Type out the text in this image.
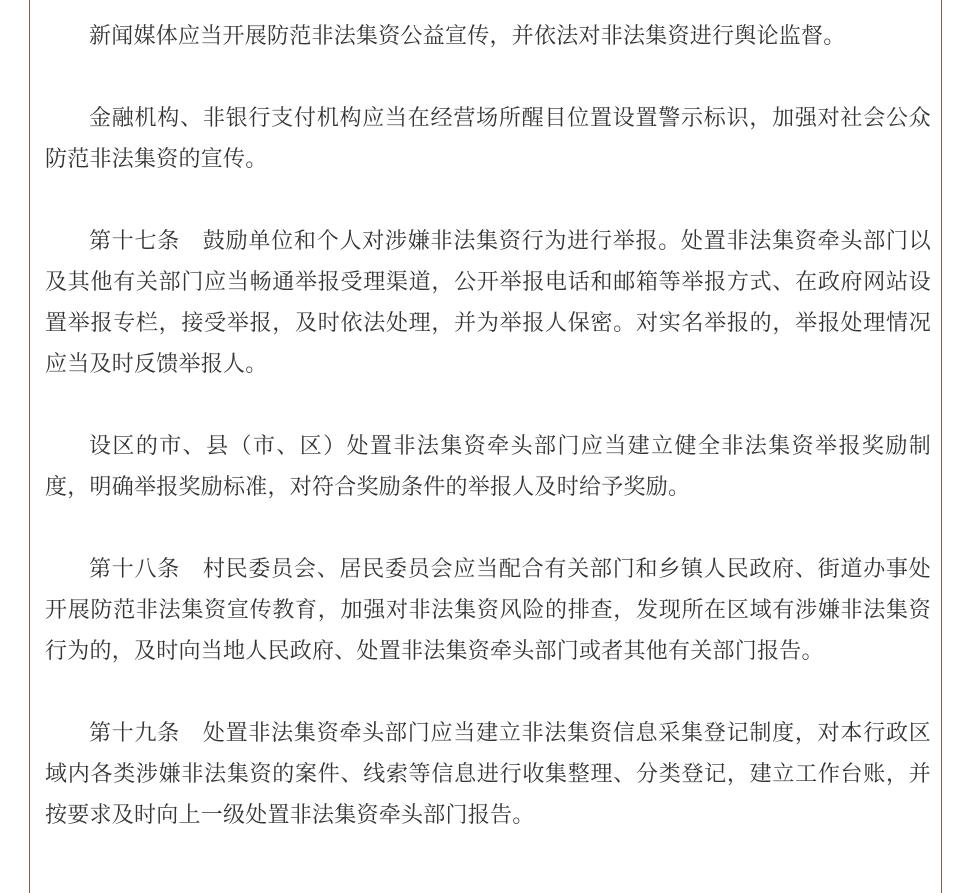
新闻媒体应当开展防范非法集资公益宣传，并依法对非法集资进行舆论监督。

金融机构、非银行支付机构应当在经营场所醒目位置设置警示标识，加强对社会公众防范非法集资的宣传。

第十七条　鼓励单位和个人对涉嫌非法集资行为进行举报。处置非法集资牵头部门以及其他有关部门应当畅通举报受理渠道，公开举报电话和邮箱等举报方式、在政府网站设置举报专栏，接受举报，及时依法处理，并为举报人保密。对实名举报的，举报处理情况应当及时反馈举报人。

设区的市、县（市、区）处置非法集资牵头部门应当建立健全非法集资举报奖励制度，明确举报奖励标准，对符合奖励条件的举报人及时给予奖励。

第十八条　村民委员会、居民委员会应当配合有关部门和乡镇人民政府、街道办事处开展防范非法集资宣传教育，加强对非法集资风险的排查，发现所在区域有涉嫌非法集资行为的，及时向当地人民政府、处置非法集资牵头部门或者其他有关部门报告。

第十九条　处置非法集资牵头部门应当建立非法集资信息采集登记制度，对本行政区域内各类涉嫌非法集资的案件、线索等信息进行收集整理、分类登记，建立工作台账，并按要求及时向上一级处置非法集资牵头部门报告。
